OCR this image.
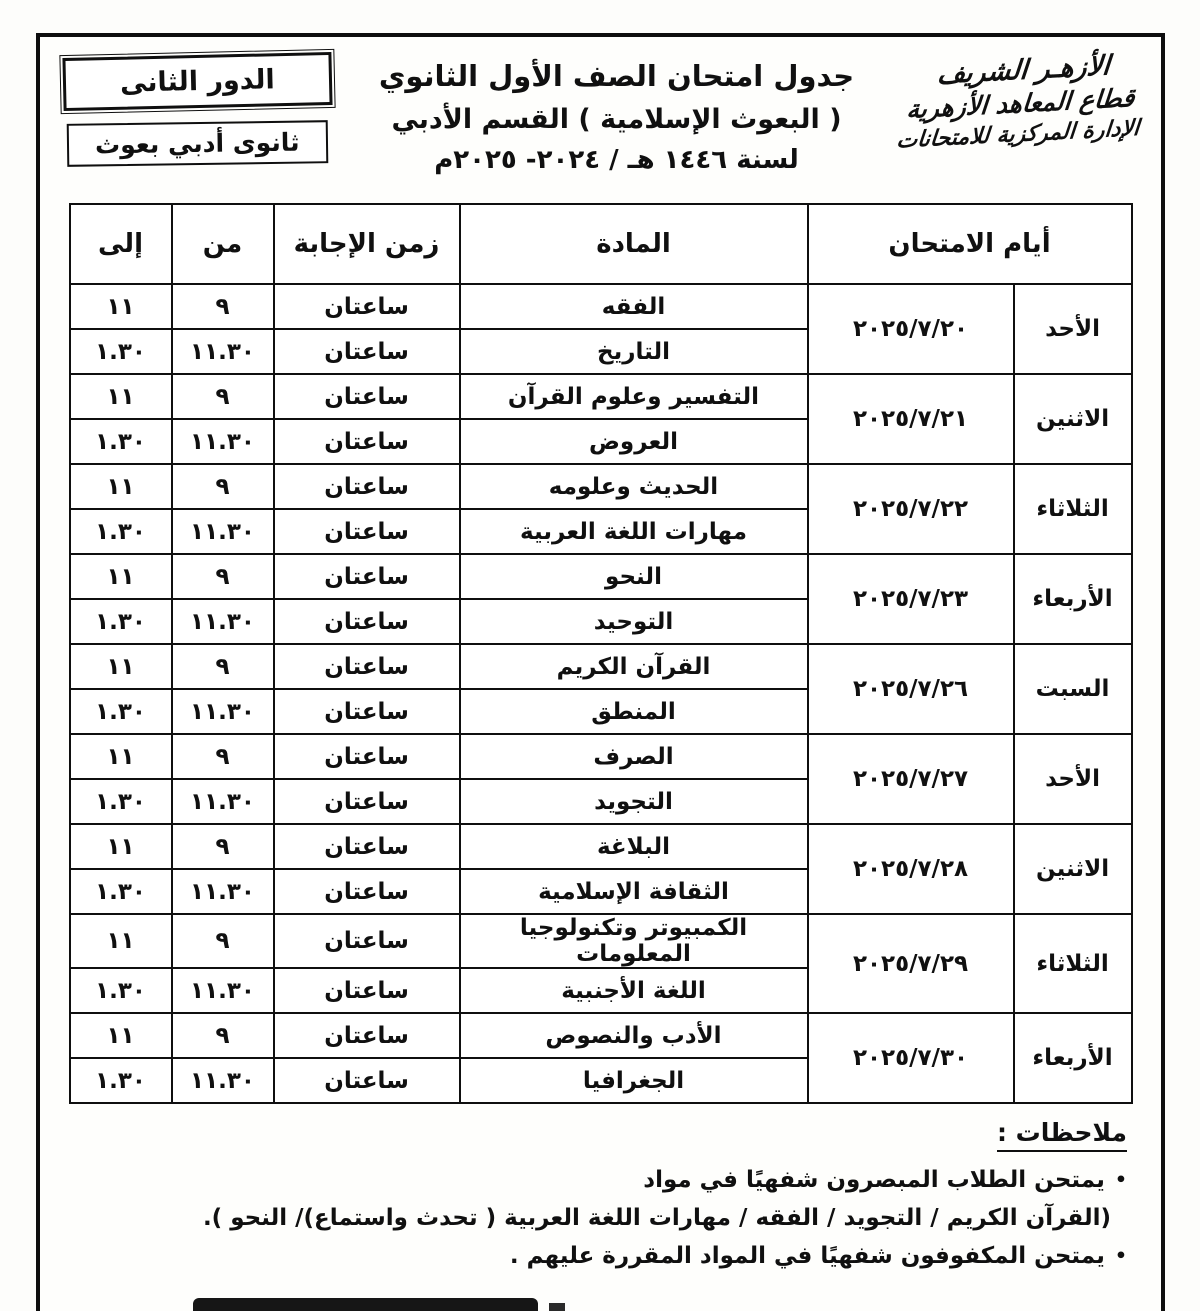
الأزهـر الشريف
قطاع المعاهد الأزهرية
الإدارة المركزية للامتحانات
جدول امتحان الصف الأول الثانوي
( البعوث الإسلامية ) القسم الأدبي
لسنة ١٤٤٦ هـ / ٢٠٢٤- ٢٠٢٥م
الدور الثانى
ثانوى أدبي بعوث
أيام الامتحان		المادة	زمن الإجابة	من	إلى
الأحد	٢٠٢٥/٧/٢٠	الفقه	ساعتان	٩	١١
		التاريخ	ساعتان	١١.٣٠	١.٣٠
الاثنين	٢٠٢٥/٧/٢١	التفسير وعلوم القرآن	ساعتان	٩	١١
		العروض	ساعتان	١١.٣٠	١.٣٠
الثلاثاء	٢٠٢٥/٧/٢٢	الحديث وعلومه	ساعتان	٩	١١
		مهارات اللغة العربية	ساعتان	١١.٣٠	١.٣٠
الأربعاء	٢٠٢٥/٧/٢٣	النحو	ساعتان	٩	١١
		التوحيد	ساعتان	١١.٣٠	١.٣٠
السبت	٢٠٢٥/٧/٢٦	القرآن الكريم	ساعتان	٩	١١
		المنطق	ساعتان	١١.٣٠	١.٣٠
الأحد	٢٠٢٥/٧/٢٧	الصرف	ساعتان	٩	١١
		التجويد	ساعتان	١١.٣٠	١.٣٠
الاثنين	٢٠٢٥/٧/٢٨	البلاغة	ساعتان	٩	١١
		الثقافة الإسلامية	ساعتان	١١.٣٠	١.٣٠
الثلاثاء	٢٠٢٥/٧/٢٩	الكمبيوتر وتكنولوجيا المعلومات	ساعتان	٩	١١
		اللغة الأجنبية	ساعتان	١١.٣٠	١.٣٠
الأربعاء	٢٠٢٥/٧/٣٠	الأدب والنصوص	ساعتان	٩	١١
		الجغرافيا	ساعتان	١١.٣٠	١.٣٠
ملاحظات :
•يمتحن الطلاب المبصرون شفهيًا في مواد
(القرآن الكريم / التجويد / الفقه / مهارات اللغة العربية ( تحدث واستماع)/ النحو ).
•يمتحن المكفوفون شفهيًا في المواد المقررة عليهم .
